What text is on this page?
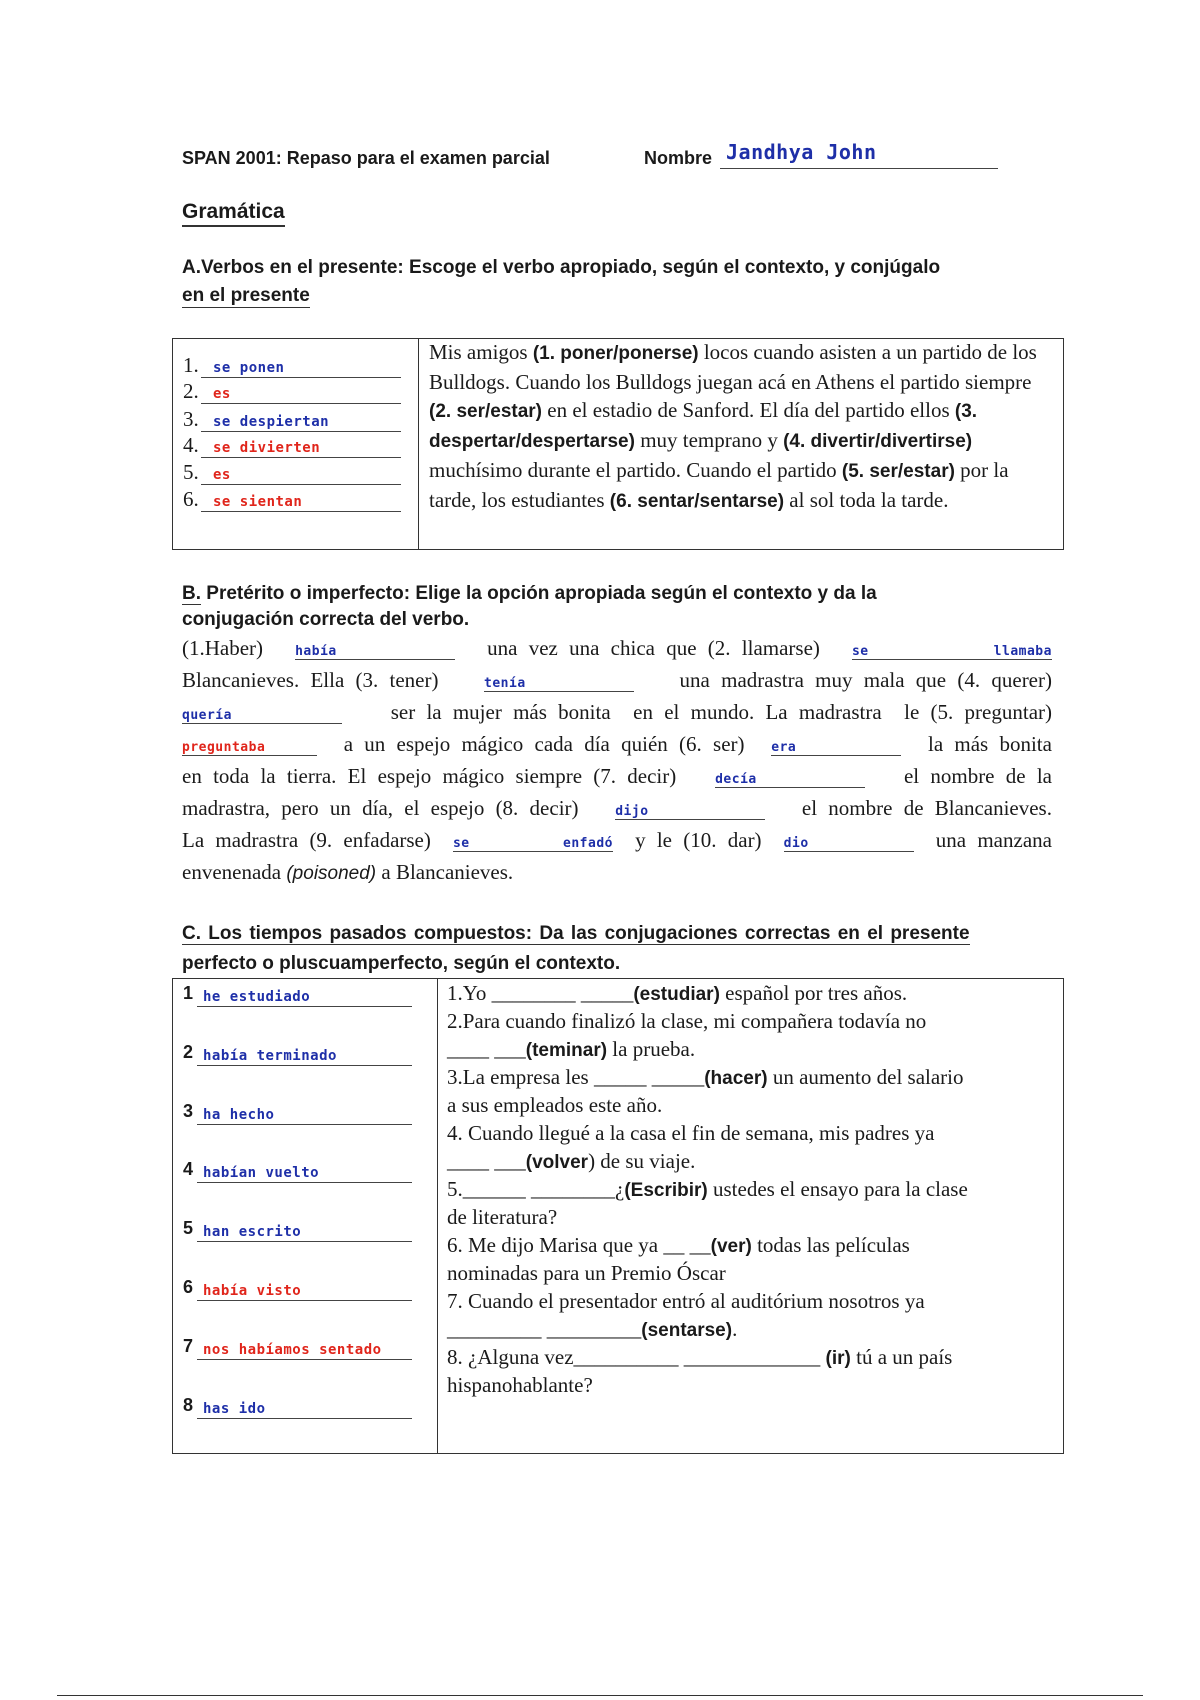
SPAN 2001: Repaso para el examen parcial	Nombre Jandhya John
Gramática
A.Verbos en el presente: Escoge el verbo apropiado, según el contexto, y conjúgalo
en el presente
1. se ponen
2. es
3. se despiertan
4. se divierten
5. es
6. se sientan
Mis amigos (1. poner/ponerse) locos cuando asisten a un partido de los Bulldogs. Cuando los Bulldogs juegan acá en Athens el partido siempre (2. ser/estar) en el estadio de Sanford. El día del partido ellos (3. despertar/despertarse) muy temprano y (4. divertir/divertirse) muchísimo durante el partido. Cuando el partido (5. ser/estar) por la tarde, los estudiantes (6. sentar/sentarse) al sol toda la tarde.
B. Pretérito o imperfecto: Elige la opción apropiada según el contexto y da la
conjugación correcta del verbo.
(1.Haber) había	una vez una chica que (2. llamarse) se llamaba
Blancanieves. Ella (3. tener)	tenía	una madrastra muy mala que (4. querer)
quería	ser la mujer más bonita  en el mundo. La madrastra  le (5. preguntar)
preguntaba	a un espejo mágico cada día quién (6. ser) era	la más bonita
en toda la tierra. El espejo mágico siempre (7. decir)	decía	el nombre de la
madrastra, pero un día, el espejo (8. decir)	dijo	el nombre de Blancanieves.
La madrastra (9. enfadarse) se enfadó y le (10. dar) dio	una manzana
envenenada (poisoned) a Blancanieves.
C. Los tiempos pasados compuestos: Da las conjugaciones correctas en el presente
perfecto o pluscuamperfecto, según el contexto.
1 he estudiado
2 había terminado
3 ha hecho
4 habían vuelto
5 han escrito
6 había visto
7 nos habíamos sentado
8 has ido
1.Yo ________ _____(estudiar) español por tres años.
2.Para cuando finalizó la clase, mi compañera todavía no
____ ___(teminar) la prueba.
3.La empresa les _____ _____(hacer) un aumento del salario
a sus empleados este año.
4. Cuando llegué a la casa el fin de semana, mis padres ya
____ ___(volver) de su viaje.
5.______ ________¿(Escribir) ustedes el ensayo para la clase
de literatura?
6. Me dijo Marisa que ya __ __(ver) todas las películas
nominadas para un Premio Óscar
7. Cuando el presentador entró al auditórium nosotros ya
_________ _________(sentarse).
8. ¿Alguna vez__________ _____________ (ir) tú a un país
hispanohablante?
